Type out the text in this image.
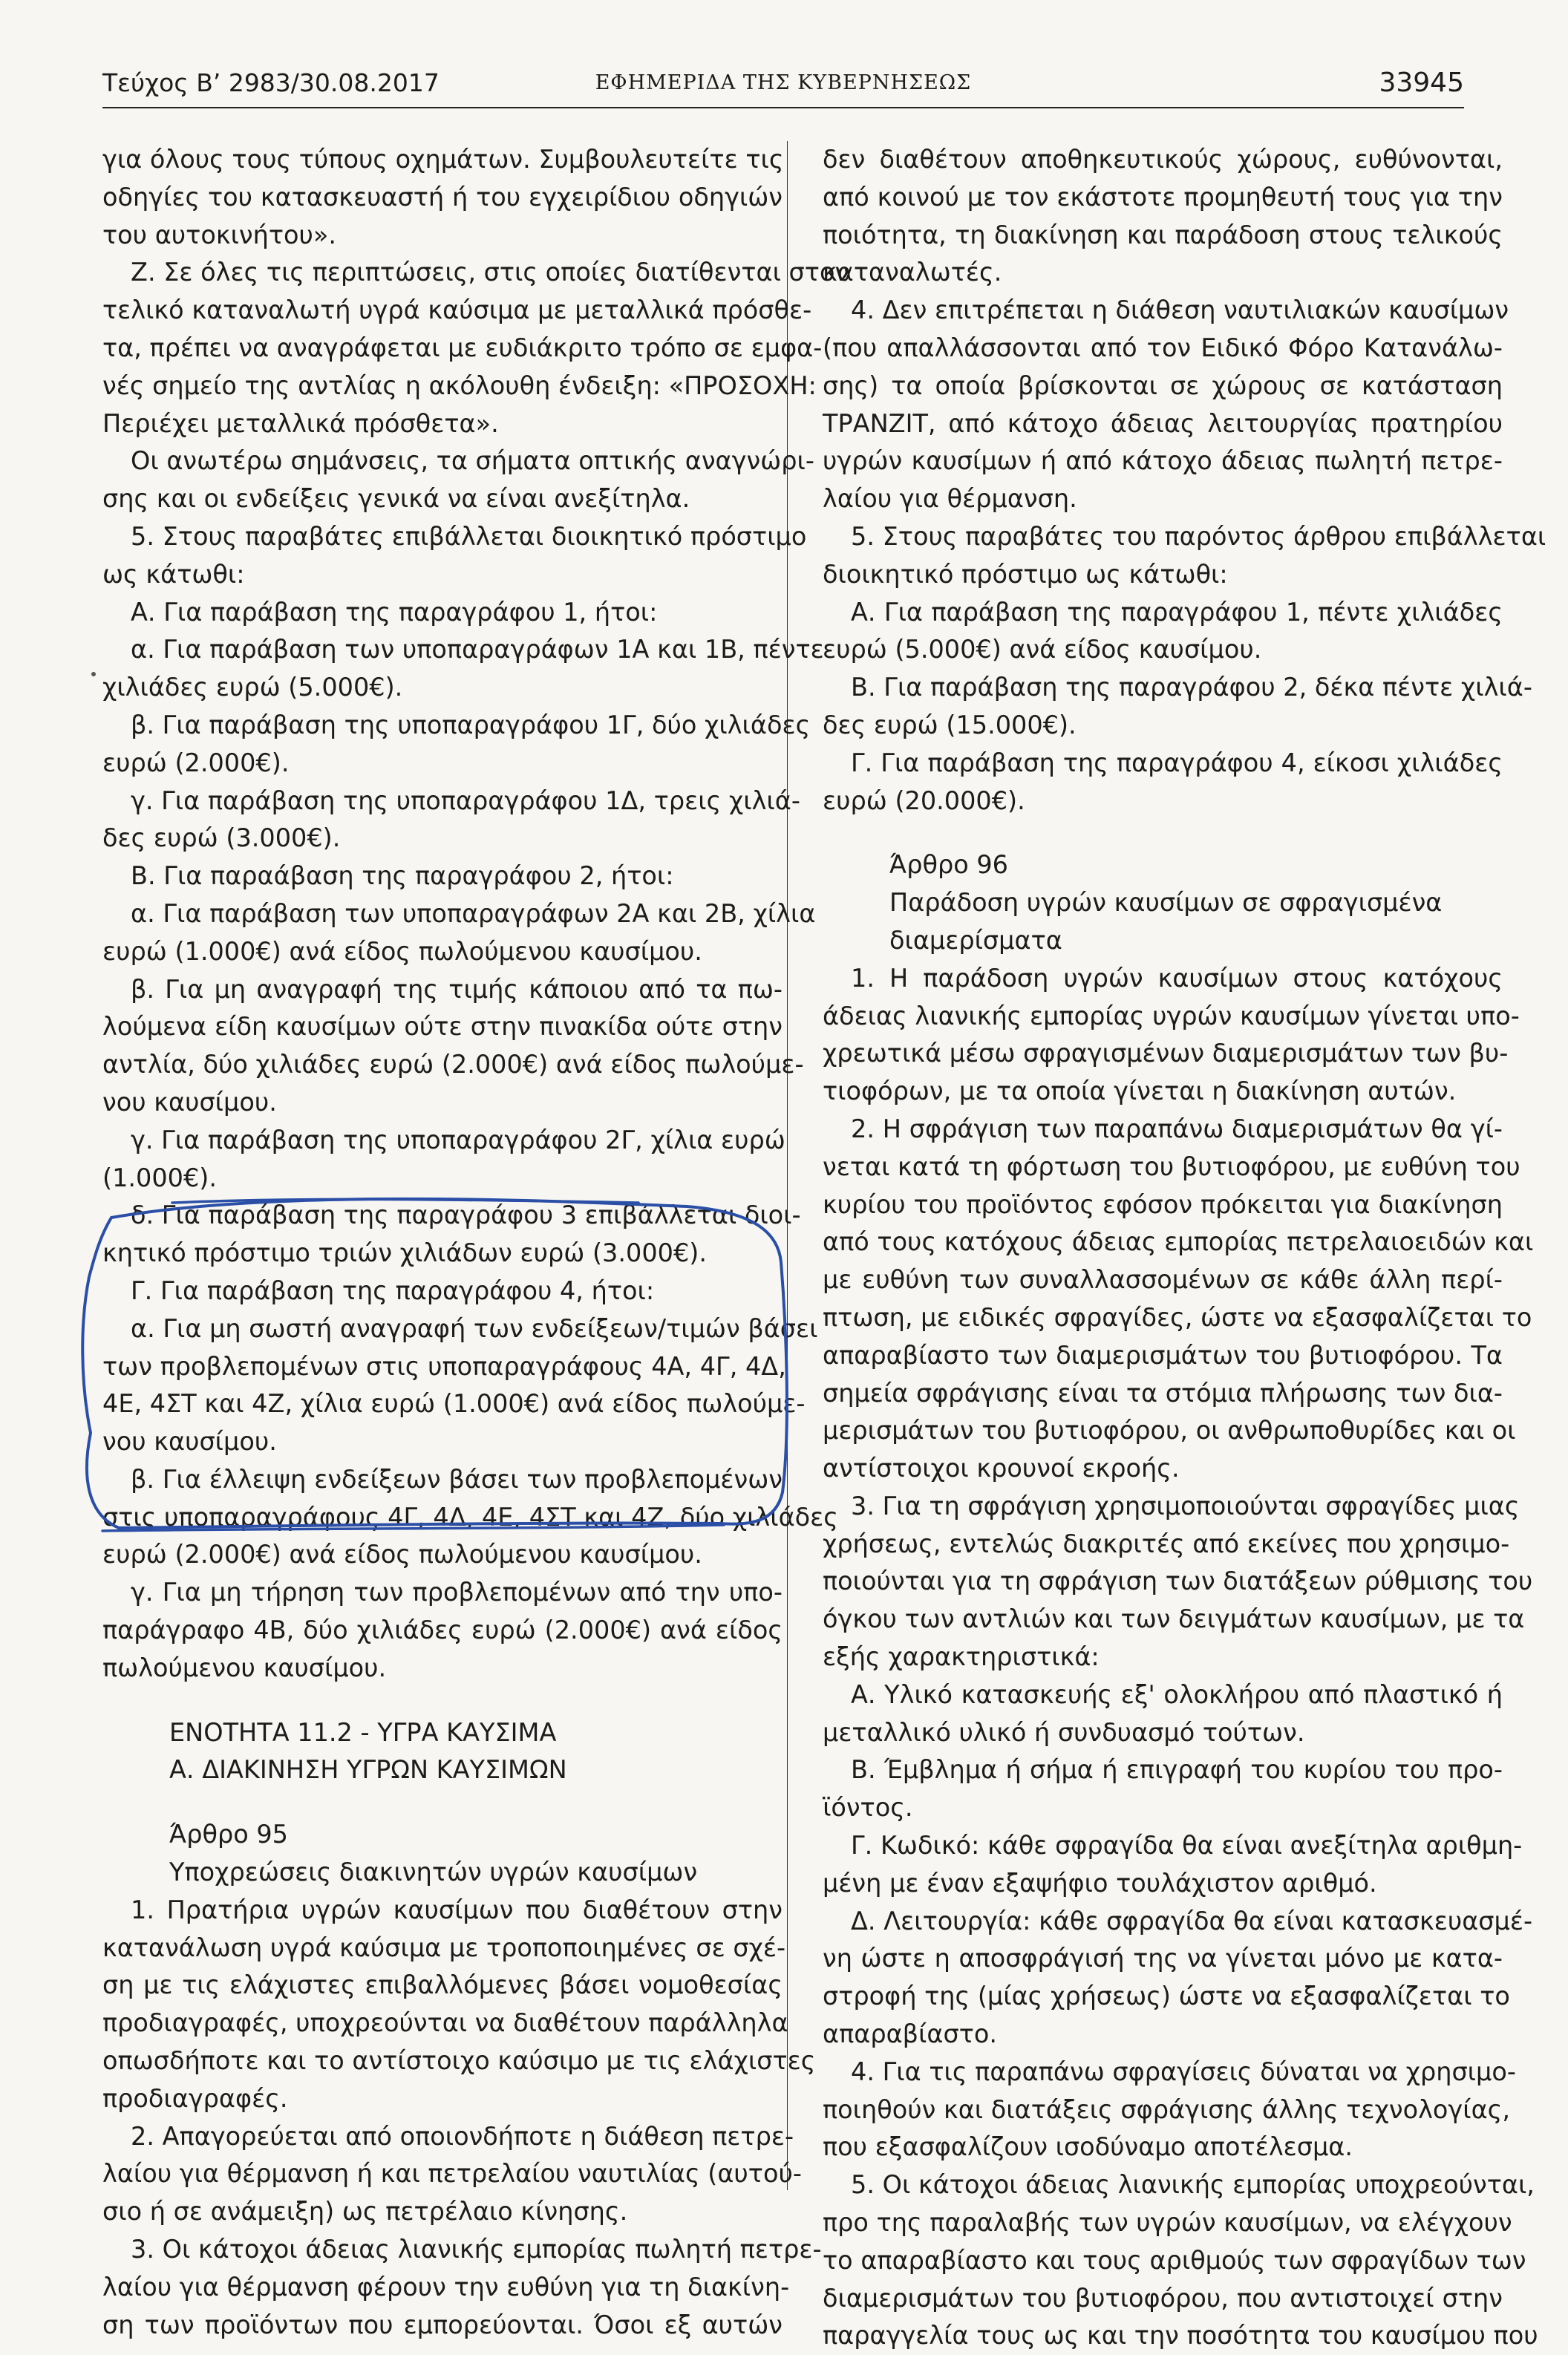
Τεύχος Β’ 2983/30.08.2017	ΕΦΗΜΕΡΙΔΑ ΤΗΣ ΚΥΒΕΡΝΗΣΕΩΣ	33945
για όλους τους τύπους οχημάτων. Συμβουλευτείτε τις
οδηγίες του κατασκευαστή ή του εγχειρίδιου οδηγιών
του αυτοκινήτου».
Ζ. Σε όλες τις περιπτώσεις, στις οποίες διατίθενται στον
τελικό καταναλωτή υγρά καύσιμα με μεταλλικά πρόσθε-
τα, πρέπει να αναγράφεται με ευδιάκριτο τρόπο σε εμφα-
νές σημείο της αντλίας η ακόλουθη ένδειξη: «ΠΡΟΣΟΧΗ:
Περιέχει μεταλλικά πρόσθετα».
Οι ανωτέρω σημάνσεις, τα σήματα οπτικής αναγνώρι-
σης και οι ενδείξεις γενικά να είναι ανεξίτηλα.
5. Στους παραβάτες επιβάλλεται διοικητικό πρόστιμο
ως κάτωθι:
Α. Για παράβαση της παραγράφου 1, ήτοι:
α. Για παράβαση των υποπαραγράφων 1Α και 1Β, πέντε
χιλιάδες ευρώ (5.000€).
β. Για παράβαση της υποπαραγράφου 1Γ, δύο χιλιάδες
ευρώ (2.000€).
γ. Για παράβαση της υποπαραγράφου 1Δ, τρεις χιλιά-
δες ευρώ (3.000€).
Β. Για παραάβαση της παραγράφου 2, ήτοι:
α. Για παράβαση των υποπαραγράφων 2Α και 2Β, χίλια
ευρώ (1.000€) ανά είδος πωλούμενου καυσίμου.
β. Για μη αναγραφή της τιμής κάποιου από τα πω-
λούμενα είδη καυσίμων ούτε στην πινακίδα ούτε στην
αντλία, δύο χιλιάδες ευρώ (2.000€) ανά είδος πωλούμε-
νου καυσίμου.
γ. Για παράβαση της υποπαραγράφου 2Γ, χίλια ευρώ
(1.000€).
δ. Για παράβαση της παραγράφου 3 επιβάλλεται διοι-
κητικό πρόστιμο τριών χιλιάδων ευρώ (3.000€).
Γ. Για παράβαση της παραγράφου 4, ήτοι:
α. Για μη σωστή αναγραφή των ενδείξεων/τιμών βάσει
των προβλεπομένων στις υποπαραγράφους 4Α, 4Γ, 4Δ,
4Ε, 4ΣΤ και 4Ζ, χίλια ευρώ (1.000€) ανά είδος πωλούμε-
νου καυσίμου.
β. Για έλλειψη ενδείξεων βάσει των προβλεπομένων
στις υποπαραγράφους 4Γ, 4Δ, 4Ε, 4ΣΤ και 4Ζ, δύο χιλιάδες
ευρώ (2.000€) ανά είδος πωλούμενου καυσίμου.
γ. Για μη τήρηση των προβλεπομένων από την υπο-
παράγραφο 4Β, δύο χιλιάδες ευρώ (2.000€) ανά είδος
πωλούμενου καυσίμου.
ΕΝΟΤΗΤΑ 11.2 - ΥΓΡΑ ΚΑΥΣΙΜΑ
Α. ΔΙΑΚΙΝΗΣΗ ΥΓΡΩΝ ΚΑΥΣΙΜΩΝ
Άρθρο 95
Υποχρεώσεις διακινητών υγρών καυσίμων
1. Πρατήρια υγρών καυσίμων που διαθέτουν στην
κατανάλωση υγρά καύσιμα με τροποποιημένες σε σχέ-
ση με τις ελάχιστες επιβαλλόμενες βάσει νομοθεσίας
προδιαγραφές, υποχρεούνται να διαθέτουν παράλληλα
οπωσδήποτε και το αντίστοιχο καύσιμο με τις ελάχιστες
προδιαγραφές.
2. Απαγορεύεται από οποιονδήποτε η διάθεση πετρε-
λαίου για θέρμανση ή και πετρελαίου ναυτιλίας (αυτού-
σιο ή σε ανάμειξη) ως πετρέλαιο κίνησης.
3. Οι κάτοχοι άδειας λιανικής εμπορίας πωλητή πετρε-
λαίου για θέρμανση φέρουν την ευθύνη για τη διακίνη-
ση των προϊόντων που εμπορεύονται. Όσοι εξ αυτών
δεν διαθέτουν αποθηκευτικούς χώρους, ευθύνονται,
από κοινού με τον εκάστοτε προμηθευτή τους για την
ποιότητα, τη διακίνηση και παράδοση στους τελικούς
καταναλωτές.
4. Δεν επιτρέπεται η διάθεση ναυτιλιακών καυσίμων
(που απαλλάσσονται από τον Ειδικό Φόρο Κατανάλω-
σης) τα οποία βρίσκονται σε χώρους σε κατάσταση
ΤΡΑΝΖΙΤ, από κάτοχο άδειας λειτουργίας πρατηρίου
υγρών καυσίμων ή από κάτοχο άδειας πωλητή πετρε-
λαίου για θέρμανση.
5. Στους παραβάτες του παρόντος άρθρου επιβάλλεται
διοικητικό πρόστιμο ως κάτωθι:
Α. Για παράβαση της παραγράφου 1, πέντε χιλιάδες
ευρώ (5.000€) ανά είδος καυσίμου.
Β. Για παράβαση της παραγράφου 2, δέκα πέντε χιλιά-
δες ευρώ (15.000€).
Γ. Για παράβαση της παραγράφου 4, είκοσι χιλιάδες
ευρώ (20.000€).
Άρθρο 96
Παράδοση υγρών καυσίμων σε σφραγισμένα
διαμερίσματα
1. Η παράδοση υγρών καυσίμων στους κατόχους
άδειας λιανικής εμπορίας υγρών καυσίμων γίνεται υπο-
χρεωτικά μέσω σφραγισμένων διαμερισμάτων των βυ-
τιοφόρων, με τα οποία γίνεται η διακίνηση αυτών.
2. Η σφράγιση των παραπάνω διαμερισμάτων θα γί-
νεται κατά τη φόρτωση του βυτιοφόρου, με ευθύνη του
κυρίου του προϊόντος εφόσον πρόκειται για διακίνηση
από τους κατόχους άδειας εμπορίας πετρελαιοειδών και
με ευθύνη των συναλλασσομένων σε κάθε άλλη περί-
πτωση, με ειδικές σφραγίδες, ώστε να εξασφαλίζεται το
απαραβίαστο των διαμερισμάτων του βυτιοφόρου. Τα
σημεία σφράγισης είναι τα στόμια πλήρωσης των δια-
μερισμάτων του βυτιοφόρου, οι ανθρωποθυρίδες και οι
αντίστοιχοι κρουνοί εκροής.
3. Για τη σφράγιση χρησιμοποιούνται σφραγίδες μιας
χρήσεως, εντελώς διακριτές από εκείνες που χρησιμο-
ποιούνται για τη σφράγιση των διατάξεων ρύθμισης του
όγκου των αντλιών και των δειγμάτων καυσίμων, με τα
εξής χαρακτηριστικά:
Α. Υλικό κατασκευής εξ' ολοκλήρου από πλαστικό ή
μεταλλικό υλικό ή συνδυασμό τούτων.
Β. Έμβλημα ή σήμα ή επιγραφή του κυρίου του προ-
ϊόντος.
Γ. Κωδικό: κάθε σφραγίδα θα είναι ανεξίτηλα αριθμη-
μένη με έναν εξαψήφιο τουλάχιστον αριθμό.
Δ. Λειτουργία: κάθε σφραγίδα θα είναι κατασκευασμέ-
νη ώστε η αποσφράγισή της να γίνεται μόνο με κατα-
στροφή της (μίας χρήσεως) ώστε να εξασφαλίζεται το
απαραβίαστο.
4. Για τις παραπάνω σφραγίσεις δύναται να χρησιμο-
ποιηθούν και διατάξεις σφράγισης άλλης τεχνολογίας,
που εξασφαλίζουν ισοδύναμο αποτέλεσμα.
5. Οι κάτοχοι άδειας λιανικής εμπορίας υποχρεούνται,
προ της παραλαβής των υγρών καυσίμων, να ελέγχουν
το απαραβίαστο και τους αριθμούς των σφραγίδων των
διαμερισμάτων του βυτιοφόρου, που αντιστοιχεί στην
παραγγελία τους ως και την ποσότητα του καυσίμου που
